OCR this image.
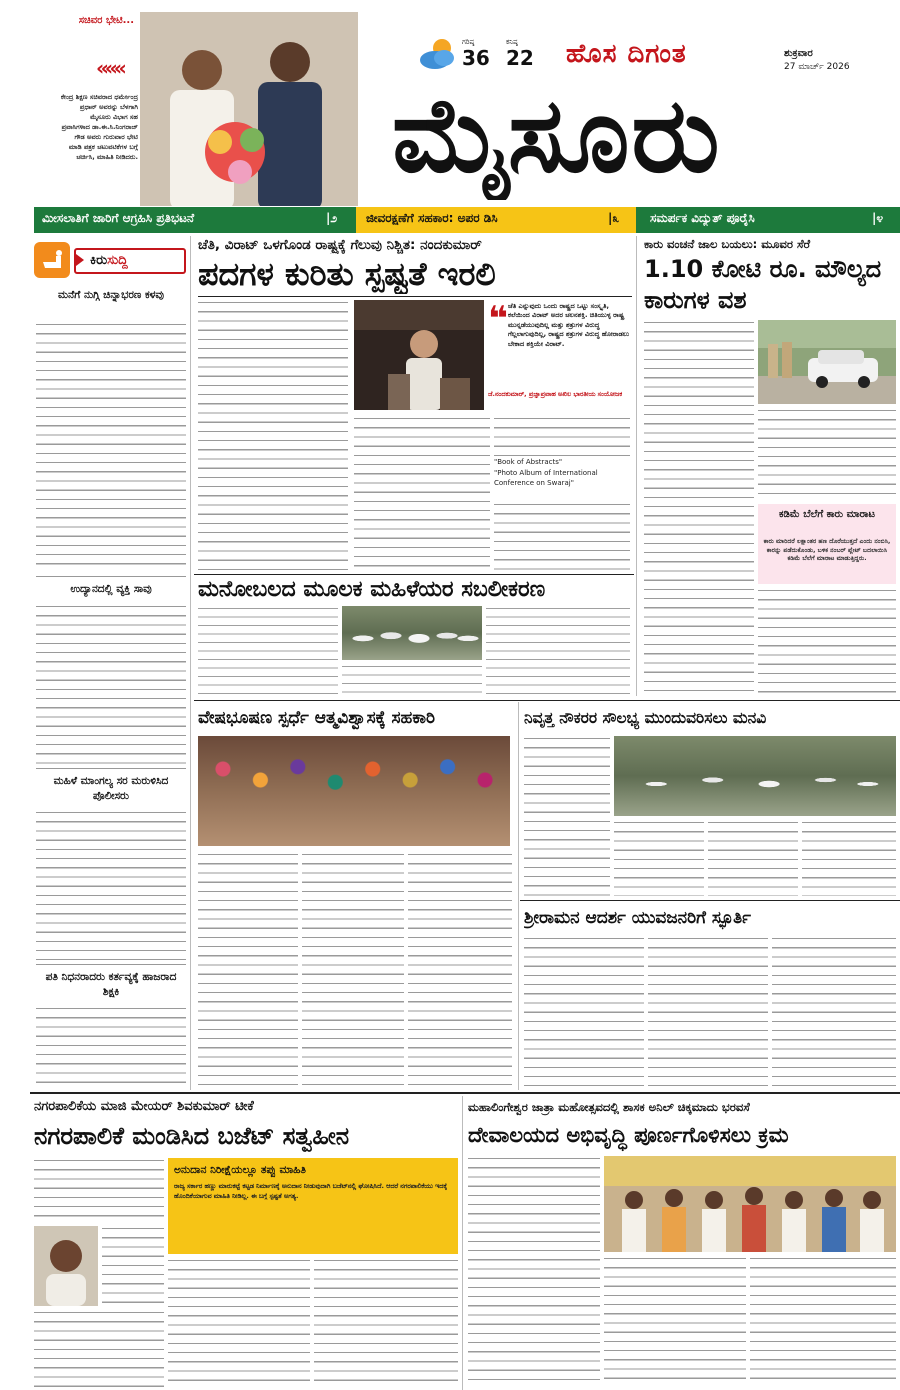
ಸಚಿವರ ಭೇಟಿ...
«««
ಕೇಂದ್ರ ಶಿಕ್ಷಣ ಸಚಿವರಾದ ಧರ್ಮೇಂದ್ರ ಪ್ರಧಾನ್ ಅವರನ್ನು ಬೆಳಗಾಗಿ ಮೈಸೂರು ವಿಭಾಗ ಸಹ ಪ್ರವಾಸಿಗಳಾದ ಡಾ.ಈ.ಸಿ.ನಿಂಗರಾಜ್ ಗೌಡ ಅವರು ಗುರುವಾರ ಭೇಟಿ ಮಾಡಿ ಪತ್ರಕ ಚಟುವಟಿಕೆಗಳ ಬಗ್ಗೆ ಚರ್ಚಿಸಿ, ಮಾಹಿತಿ ನೀಡಿದರು.
ಗರಿಷ್ಠ
36
ಕನಿಷ್ಠ
22 ಹೊಸ ದಿಗಂತ	ಶುಕ್ರವಾರ
27 ಮಾರ್ಚ್ 2026
ಮೈಸೂರು
ಮೀಸಲಾತಿಗೆ ಜಾರಿಗೆ ಆಗ್ರಹಿಸಿ ಪ್ರತಿಭಟನೆ	|೨	ಜೀವರಕ್ಷಣೆಗೆ ಸಹಕಾರ: ಅಪರ ಡಿಸಿ	|೩	ಸಮರ್ಪಕ ವಿದ್ಯುತ್ ಪೂರೈಸಿ	|೪
ಕಿರುಸುದ್ದಿ
ಮನೆಗೆ ನುಗ್ಗಿ ಚಿನ್ನಾಭರಣ ಕಳವು
ಉದ್ಯಾನದಲ್ಲಿ ವ್ಯಕ್ತಿ ಸಾವು
ಮಹಿಳೆ ಮಾಂಗಲ್ಯ ಸರ ಮರುಳಿಸಿದ ಪೊಲೀಸರು
ಪತಿ ನಿಧನರಾದರು ಕರ್ತವ್ಯಕ್ಕೆ ಹಾಜರಾದ ಶಿಕ್ಷಕಿ
ಚೆತಿ, ವಿರಾಟ್ ಒಳಗೊಂಡ ರಾಷ್ಟ್ರಕ್ಕೆ ಗೆಲುವು ನಿಶ್ಚಿತ: ನಂದಕುಮಾರ್
ಪದಗಳ ಕುರಿತು ಸ್ಪಷ್ಟತೆ ಇರಲಿ
❝ ಚೆತಿ ಎನ್ನುವುದು ಒಂದು ರಾಷ್ಟ್ರದ ಒಟ್ಟು ಸಂಸ್ಕೃತಿ, ಕಲೆಯಿಂದ ವಿರಾಟ್ ಅದರ ಚಲನಶಕ್ತಿ. ಚಿತಿಯುಳ್ಳ ರಾಷ್ಟ್ರ ಮುನ್ನಡೆಯುವುದಿಲ್ಲ ಮತ್ತು ಶತ್ರುಗಳ ವಿರುದ್ಧ ಗೆಲ್ಲಲಾಗುವುದಿಲ್ಲ, ರಾಷ್ಟ್ರದ ಶತ್ರುಗಳ ವಿರುದ್ಧ ಹೋರಾಡಲು ಬೇಕಾದ ಶಕ್ತಿಯೇ ವಿರಾಟ್.
ಜೆ.ನಂದಕುಮಾರ್, ಪ್ರಜ್ಞಾಪ್ರವಾಹ ಅಖಿಲ ಭಾರತೀಯ ಸಂಯೋಜಕ
"Book of Abstracts"
"Photo Album of International Conference on Swaraj"
ಕಾರು ವಂಚನೆ ಜಾಲ ಬಯಲು: ಮೂವರ ಸೆರೆ
1.10 ಕೋಟಿ ರೂ. ಮೌಲ್ಯದ ಕಾರುಗಳ ವಶ
ಕಡಿಮೆ ಬೆಲೆಗೆ ಕಾರು ಮಾರಾಟ
ಕಾರು ಮಾರಿದರೆ ಲಕ್ಷಾಂತರ ಹಣ ದೊರೆಯುತ್ತದೆ ಎಂದು ನಂಬಿಸಿ, ಕಾರನ್ನು ಪಡೆದುಕೊಂಡು, ಬಳಿಕ ನಂಬರ್ ಪ್ಲೇಟ್ ಬದಲಾಯಿಸಿ ಕಡಿಮೆ ಬೆಲೆಗೆ ಮಾರಾಟ ಮಾಡುತ್ತಿದ್ದರು.
ಮನೋಬಲದ ಮೂಲಕ ಮಹಿಳೆಯರ ಸಬಲೀಕರಣ
ವೇಷಭೂಷಣ ಸ್ಪರ್ಧೆ ಆತ್ಮವಿಶ್ವಾಸಕ್ಕೆ ಸಹಕಾರಿ	ನಿವೃತ್ತ ನೌಕರರ ಸೌಲಭ್ಯ ಮುಂದುವರಿಸಲು ಮನವಿ
ಶ್ರೀರಾಮನ ಆದರ್ಶ ಯುವಜನರಿಗೆ ಸ್ಫೂರ್ತಿ
ನಗರಪಾಲಿಕೆಯ ಮಾಜಿ ಮೇಯರ್ ಶಿವಕುಮಾರ್ ಟೀಕೆ
ನಗರಪಾಲಿಕೆ ಮಂಡಿಸಿದ ಬಜೆಟ್ ಸತ್ವಹೀನ
ಅನುದಾನ ನಿರೀಕ್ಷೆಯಲ್ಲೂ ತಪ್ಪು ಮಾಹಿತಿ
ರಾಜ್ಯ ಸರ್ಕಾರ ಹಣ್ಣು ಮಾರುಕಟ್ಟೆ ಕಟ್ಟಡ ನಿರ್ಮಾಣಕ್ಕೆ ಅನುದಾನ ನೀಡುವುದಾಗಿ ಬಜೆಟ್‌ನಲ್ಲಿ ಘೋಷಿಸಿದೆ. ಆದರೆ ನಗರಪಾಲಿಕೆಯು ಇದಕ್ಕೆ ಹೊಂದಿಕೆಯಾಗುವ ಮಾಹಿತಿ ನೀಡಿಲ್ಲ. ಈ ಬಗ್ಗೆ ಸ್ಪಷ್ಟತೆ ಅಗತ್ಯ.
ಮಹಾಲಿಂಗೇಶ್ವರ ಜಾತ್ರಾ ಮಹೋತ್ಸವದಲ್ಲಿ ಶಾಸಕ ಅನಿಲ್ ಚಿಕ್ಕಮಾದು ಭರವಸೆ
ದೇವಾಲಯದ ಅಭಿವೃದ್ಧಿ ಪೂರ್ಣಗೊಳಿಸಲು ಕ್ರಮ
